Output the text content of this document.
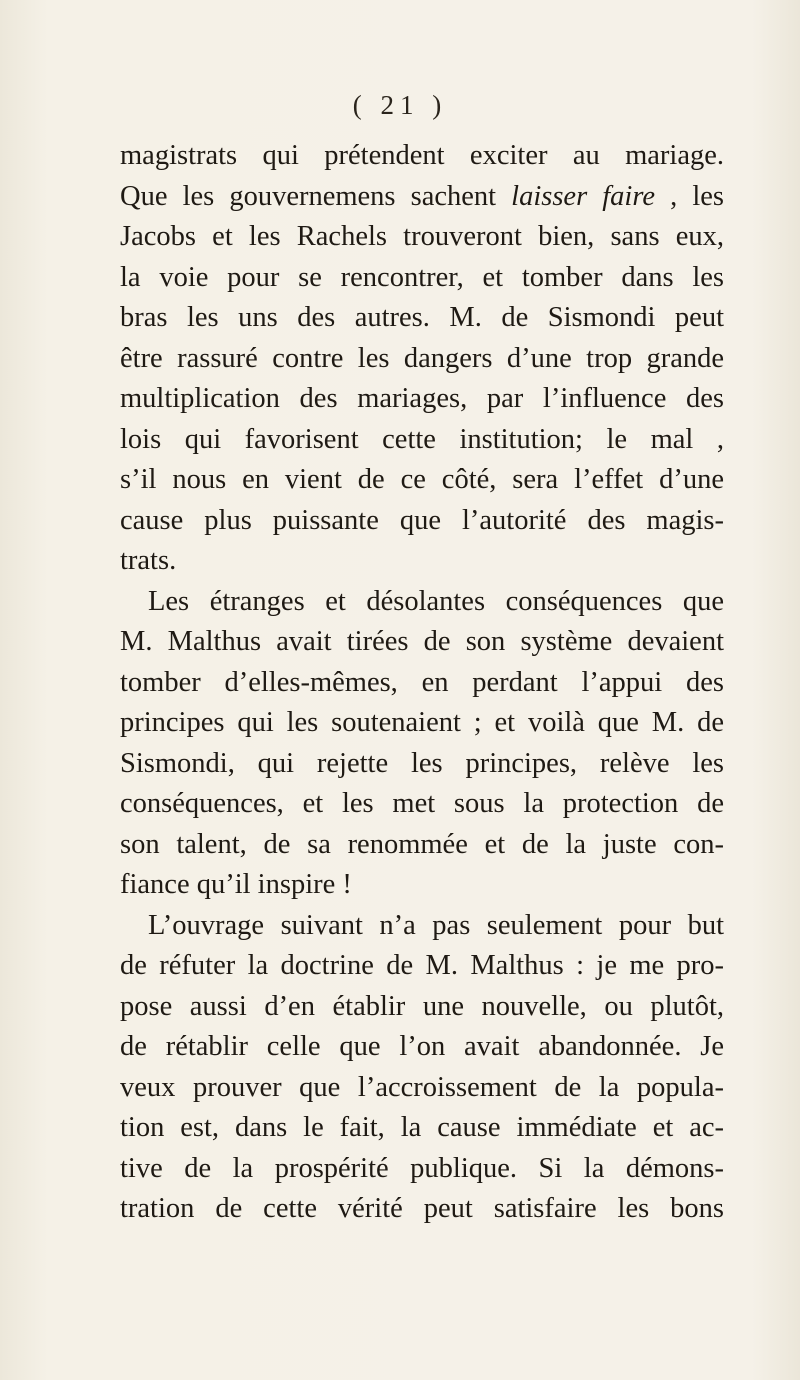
( 21 )
magistrats qui prétendent exciter au mariage.
Que les gouvernemens sachent laisser faire , les
Jacobs et les Rachels trouveront bien, sans eux,
la voie pour se rencontrer, et tomber dans les
bras les uns des autres. M. de Sismondi peut
être rassuré contre les dangers d’une trop grande
multiplication des mariages, par l’influence des
lois qui favorisent cette institution; le mal ,
s’il nous en vient de ce côté, sera l’effet d’une
cause plus puissante que l’autorité des magis-
trats.
Les étranges et désolantes conséquences que
M. Malthus avait tirées de son système devaient
tomber d’elles-mêmes, en perdant l’appui des
principes qui les soutenaient ; et voilà que M. de
Sismondi, qui rejette les principes, relève les
conséquences, et les met sous la protection de
son talent, de sa renommée et de la juste con-
fiance qu’il inspire !
L’ouvrage suivant n’a pas seulement pour but
de réfuter la doctrine de M. Malthus : je me pro-
pose aussi d’en établir une nouvelle, ou plutôt,
de rétablir celle que l’on avait abandonnée. Je
veux prouver que l’accroissement de la popula-
tion est, dans le fait, la cause immédiate et ac-
tive de la prospérité publique. Si la démons-
tration de cette vérité peut satisfaire les bons
